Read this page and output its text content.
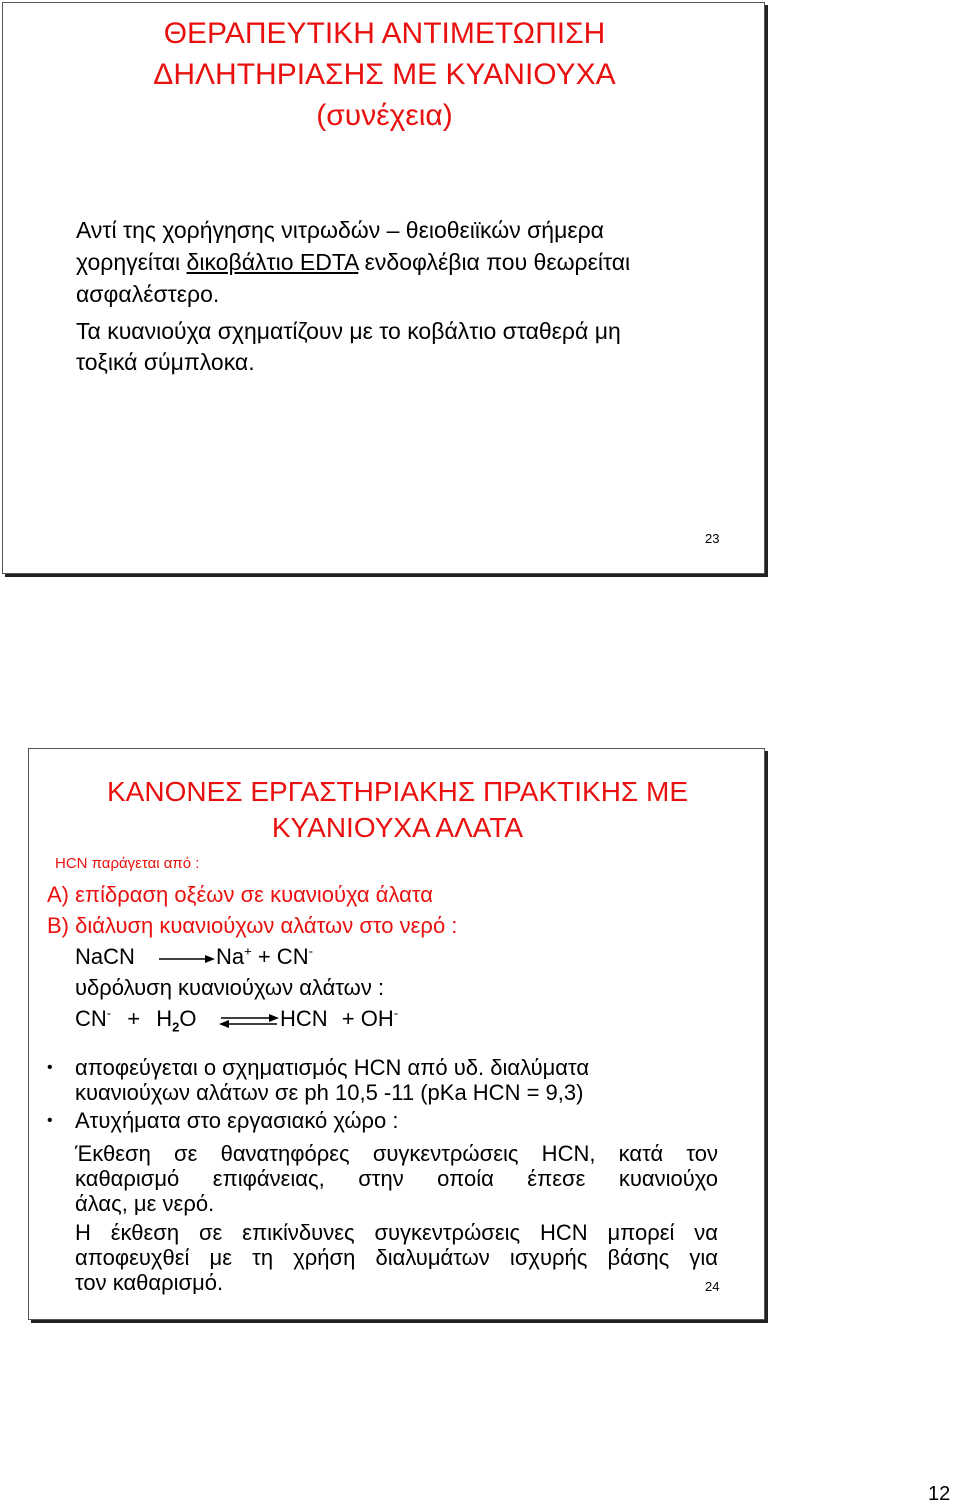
ΘΕΡΑΠΕΥΤΙΚΗ ΑΝΤΙΜΕΤΩΠΙΣΗ
ΔΗΛΗΤΗΡΙΑΣΗΣ ΜΕ ΚΥΑΝΙΟΥΧΑ
(συνέχεια)
Αντί της χορήγησης νιτρωδών – θειοθειϊκών σήμερα
χορηγείται δικοβάλτιο EDTA ενδοφλέβια που θεωρείται
ασφαλέστερο.
Τα κυανιούχα σχηματίζουν με το κοβάλτιο σταθερά μη
τοξικά σύμπλοκα.
23
ΚΑΝΟΝΕΣ ΕΡΓΑΣΤΗΡΙΑΚΗΣ ΠΡΑΚΤΙΚΗΣ ΜΕ
ΚΥΑΝΙΟΥΧΑ ΑΛΑΤΑ
HCN παράγεται από :
Α) επίδραση οξέων σε κυανιούχα άλατα
Β) διάλυση κυανιούχων αλάτων στο νερό :
NaCN → Na+ + CN-
υδρόλυση κυανιούχων αλάτων :
$CN^- + H_2O$ ⇌ HCN + OH-
• αποφεύγεται ο σχηματισμός HCN από υδ. διαλύματα
κυανιούχων αλάτων σε ph 10,5 -11 (pKa HCN = 9,3)
• Ατυχήματα στο εργασιακό χώρο :
Έκθεση σε θανατηφόρες συγκεντρώσεις HCN, κατά τον
καθαρισμό επιφάνειας, στην οποία έπεσε κυανιούχο
άλας, με νερό.
Η έκθεση σε επικίνδυνες συγκεντρώσεις HCN μπορεί να
αποφευχθεί με τη χρήση διαλυμάτων ισχυρής βάσης για
τον καθαρισμό.	24
12
